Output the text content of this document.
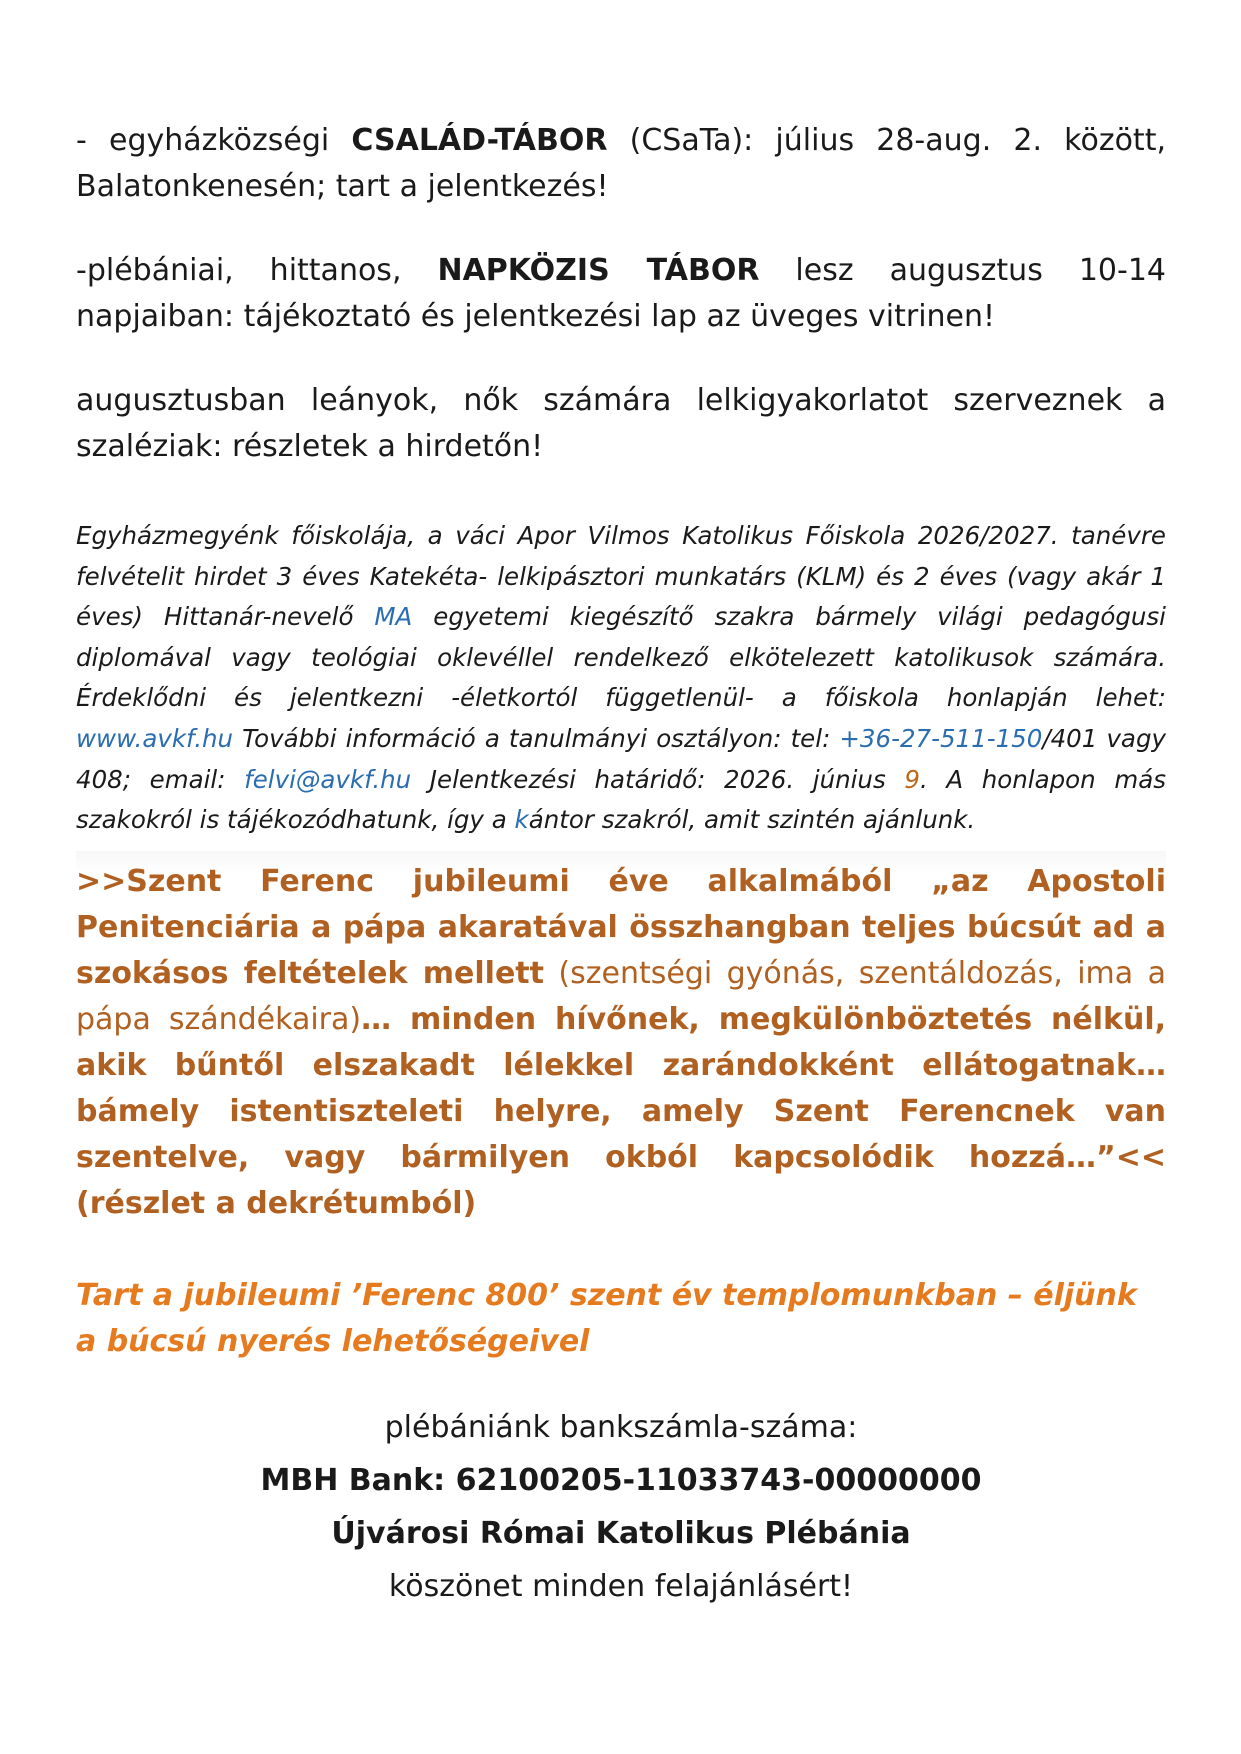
- egyházközségi CSALÁD-TÁBOR (CSaTa): július 28-aug. 2. között, Balatonkenesén; tart a jelentkezés!

-plébániai, hittanos, NAPKÖZIS TÁBOR lesz augusztus 10-14 napjaiban: tájékoztató és jelentkezési lap az üveges vitrinen!

augusztusban leányok, nők számára lelkigyakorlatot szerveznek a szaléziak: részletek a hirdetőn!

Egyházmegyénk főiskolája, a váci Apor Vilmos Katolikus Főiskola 2026/2027. tanévre felvételit hirdet 3 éves Katekéta- lelkipásztori munkatárs (KLM) és 2 éves (vagy akár 1 éves) Hittanár-nevelő MA egyetemi kiegészítő szakra bármely világi pedagógusi diplomával vagy teológiai oklevéllel rendelkező elkötelezett katolikusok számára. Érdeklődni és jelentkezni -életkortól függetlenül- a főiskola honlapján lehet: www.avkf.hu További információ a tanulmányi osztályon: tel: +36-27-511-150/401 vagy 408; email: felvi@avkf.hu Jelentkezési határidő: 2026. június 9. A honlapon más szakokról is tájékozódhatunk, így a kántor szakról, amit szintén ajánlunk.

>>Szent Ferenc jubileumi éve alkalmából „az Apostoli Penitenciária a pápa akaratával összhangban teljes búcsút ad a szokásos feltételek mellett (szentségi gyónás, szentáldozás, ima a pápa szándékaira)… minden hívőnek, megkülönböztetés nélkül, akik bűntől elszakadt lélekkel zarándokként ellátogatnak… bámely istentiszteleti helyre, amely Szent Ferencnek van szentelve, vagy bármilyen okból kapcsolódik hozzá…”<< (részlet a dekrétumból)

Tart a jubileumi ’Ferenc 800’ szent év templomunkban – éljünk a búcsú nyerés lehetőségeivel

plébániánk bankszámla-száma:
MBH Bank: 62100205-11033743-00000000
Újvárosi Római Katolikus Plébánia
köszönet minden felajánlásért!
